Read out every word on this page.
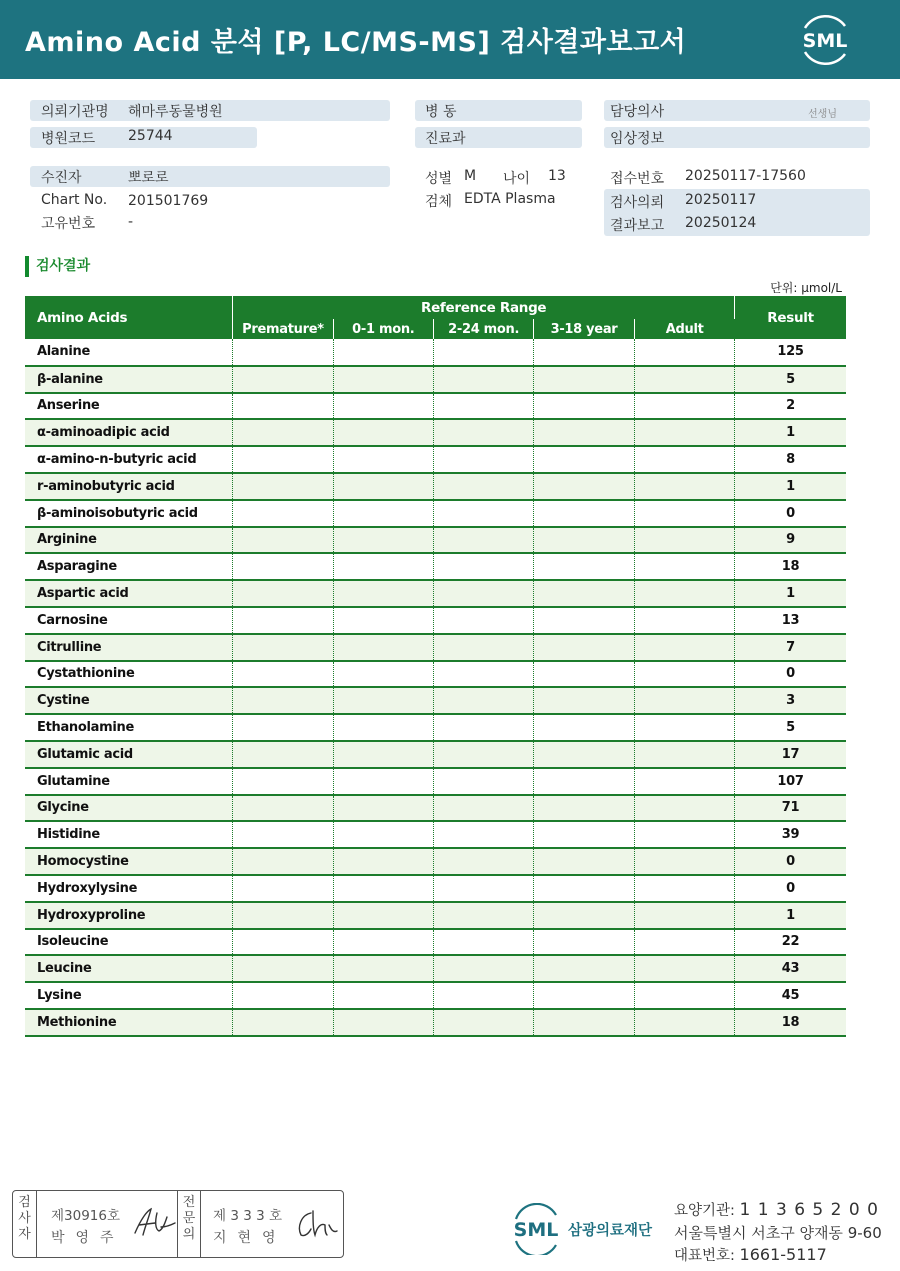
Amino Acid 분석 [P, LC/MS-MS] 검사결과보고서	SML
의뢰기관명 해마루동물병원
병원코드 25744
수진자	뽀로로
Chart No. 201501769
고유번호 -
병 동
진료과
성별 M 나이 13
검체 EDTA Plasma
담당의사	선생님
임상정보
접수번호 20250117-17560
검사의뢰 20250117
결과보고 20250124
검사결과
단위: μmol/L
Amino Acids	Reference Range					Result
	Premature*	0-1 mon.	2-24 mon.	3-18 year	Adult	
Alanine						125
β-alanine						5
Anserine						2
α-aminoadipic acid						1
α-amino-n-butyric acid						8
r-aminobutyric acid						1
β-aminoisobutyric acid						0
Arginine						9
Asparagine						18
Aspartic acid						1
Carnosine						13
Citrulline						7
Cystathionine						0
Cystine						3
Ethanolamine						5
Glutamic acid						17
Glutamine						107
Glycine						71
Histidine						39
Homocystine						0
Hydroxylysine						0
Hydroxyproline						1
Isoleucine						22
Leucine						43
Lysine						45
Methionine						18
검
사
자
제30916호
박영주
전
문
의
제 3 3 3 호
지현영	SML 삼광의료재단
요양기관: 1 1 3 6 5 2 0 0
서울특별시 서초구 양재동 9-60
대표번호: 1661-5117
